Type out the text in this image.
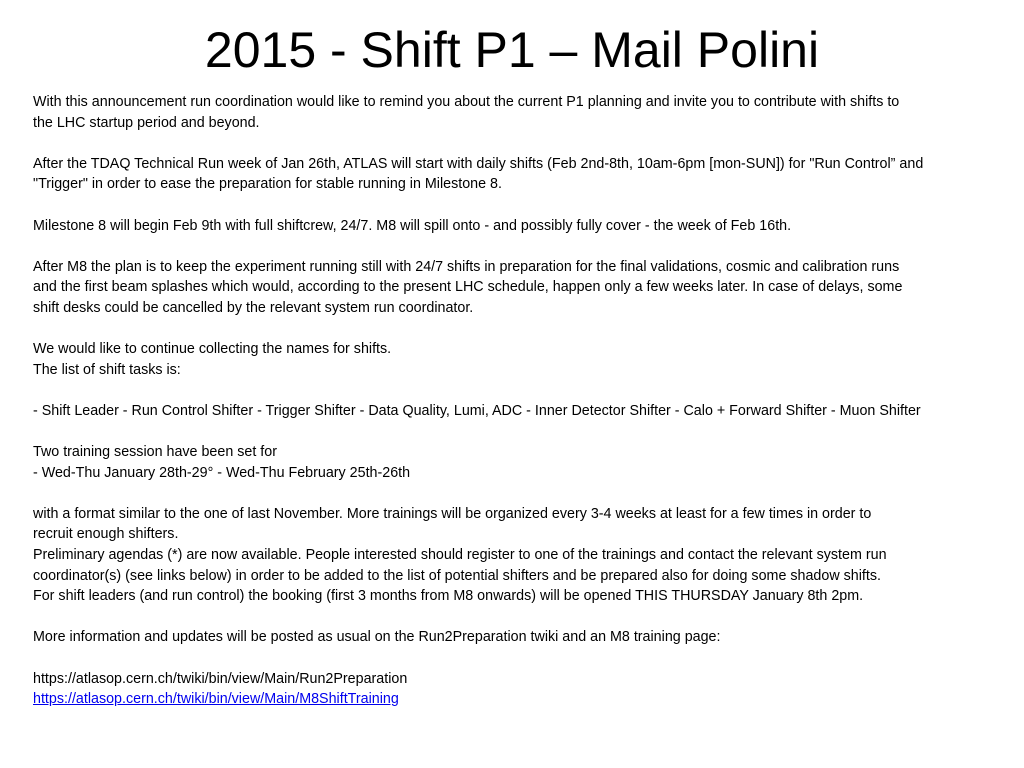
2015 - Shift P1 – Mail Polini
With this announcement run coordination would like to remind you about the current P1 planning and invite you to contribute with shifts to
the LHC startup period and beyond.
After the TDAQ Technical Run week of Jan 26th, ATLAS will start with daily shifts (Feb 2nd-8th, 10am-6pm [mon-SUN]) for "Run Control” and
"Trigger" in order to ease the preparation for stable running in Milestone 8.
Milestone 8 will begin Feb 9th with full shiftcrew, 24/7. M8 will spill onto - and possibly fully cover - the week of Feb 16th.
After M8 the plan is to keep the experiment running still with 24/7 shifts in preparation for the final validations, cosmic and calibration runs
and the first beam splashes which would, according to the present LHC schedule, happen only a few weeks later. In case of delays, some
shift desks could be cancelled by the relevant system run coordinator.
We would like to continue collecting the names for shifts.
The list of shift tasks is:
- Shift Leader - Run Control Shifter - Trigger Shifter - Data Quality, Lumi, ADC - Inner Detector Shifter - Calo + Forward Shifter - Muon Shifter
Two training session have been set for
- Wed-Thu January 28th-29° - Wed-Thu February 25th-26th
with a format similar to the one of last November. More trainings will be organized every 3-4 weeks at least for a few times in order to
recruit enough shifters.
Preliminary agendas (*) are now available. People interested should register to one of the trainings and contact the relevant system run
coordinator(s) (see links below) in order to be added to the list of potential shifters and be prepared also for doing some shadow shifts.
For shift leaders (and run control) the booking (first 3 months from M8 onwards) will be opened THIS THURSDAY January 8th 2pm.
More information and updates will be posted as usual on the Run2Preparation twiki and an M8 training page:
https://atlasop.cern.ch/twiki/bin/view/Main/Run2Preparation
https://atlasop.cern.ch/twiki/bin/view/Main/M8ShiftTraining
